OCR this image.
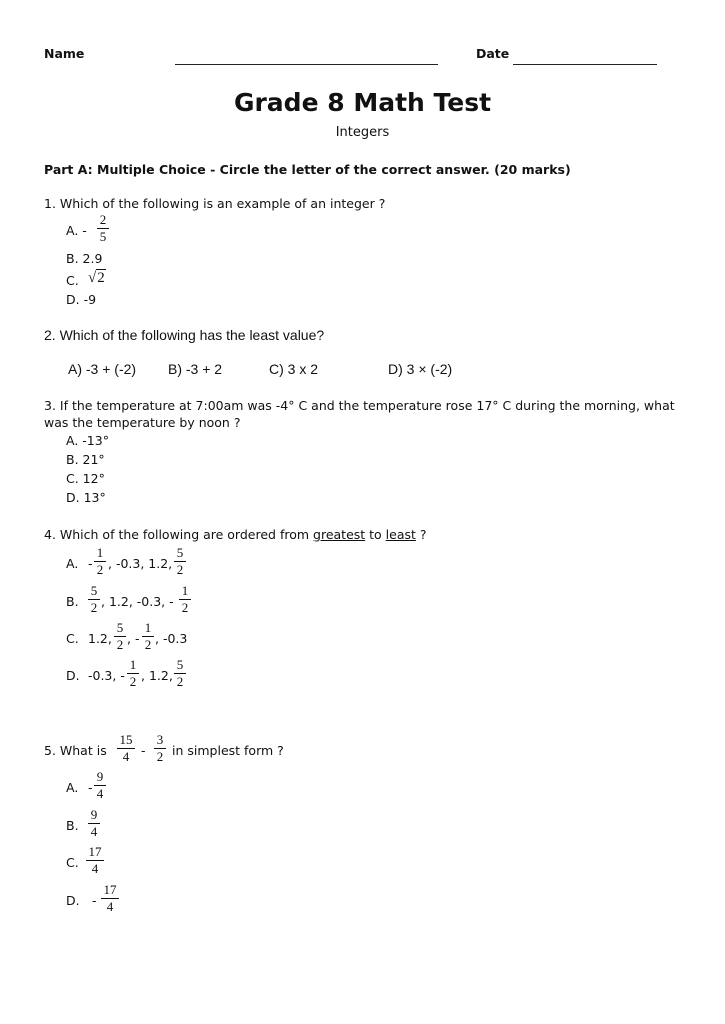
Name	Date
Grade 8 Math Test
Integers
Part A: Multiple Choice - Circle the letter of the correct answer. (20 marks)
1. Which of the following is an example of an integer ?
A. -
2
5
B. 2.9
C. √2
D. -9
2. Which of the following has the least value?
A) -3 + (-2) B) -3 + 2	C) 3 x 2	D) 3 × (-2)
3. If the temperature at 7:00am was -4° C and the temperature rose 17° C during the morning, what
was the temperature by noon ?
A. -13°
B. 21°
C. 12°
D. 13°
4. Which of the following are ordered from greatest to least ?
A. -
1
2 , -0.3, 1.2,
5
2
B.
5
2 , 1.2, -0.3, -
1
2
C. 1.2,
5
2 , -
1
2 , -0.3
D. -0.3, -
1
2 , 1.2,
5
2
5. What is
15
4 -
3
2 in simplest form ?
A. -
9
4
B.
9
4
C.
17
4
D. -
17
4
